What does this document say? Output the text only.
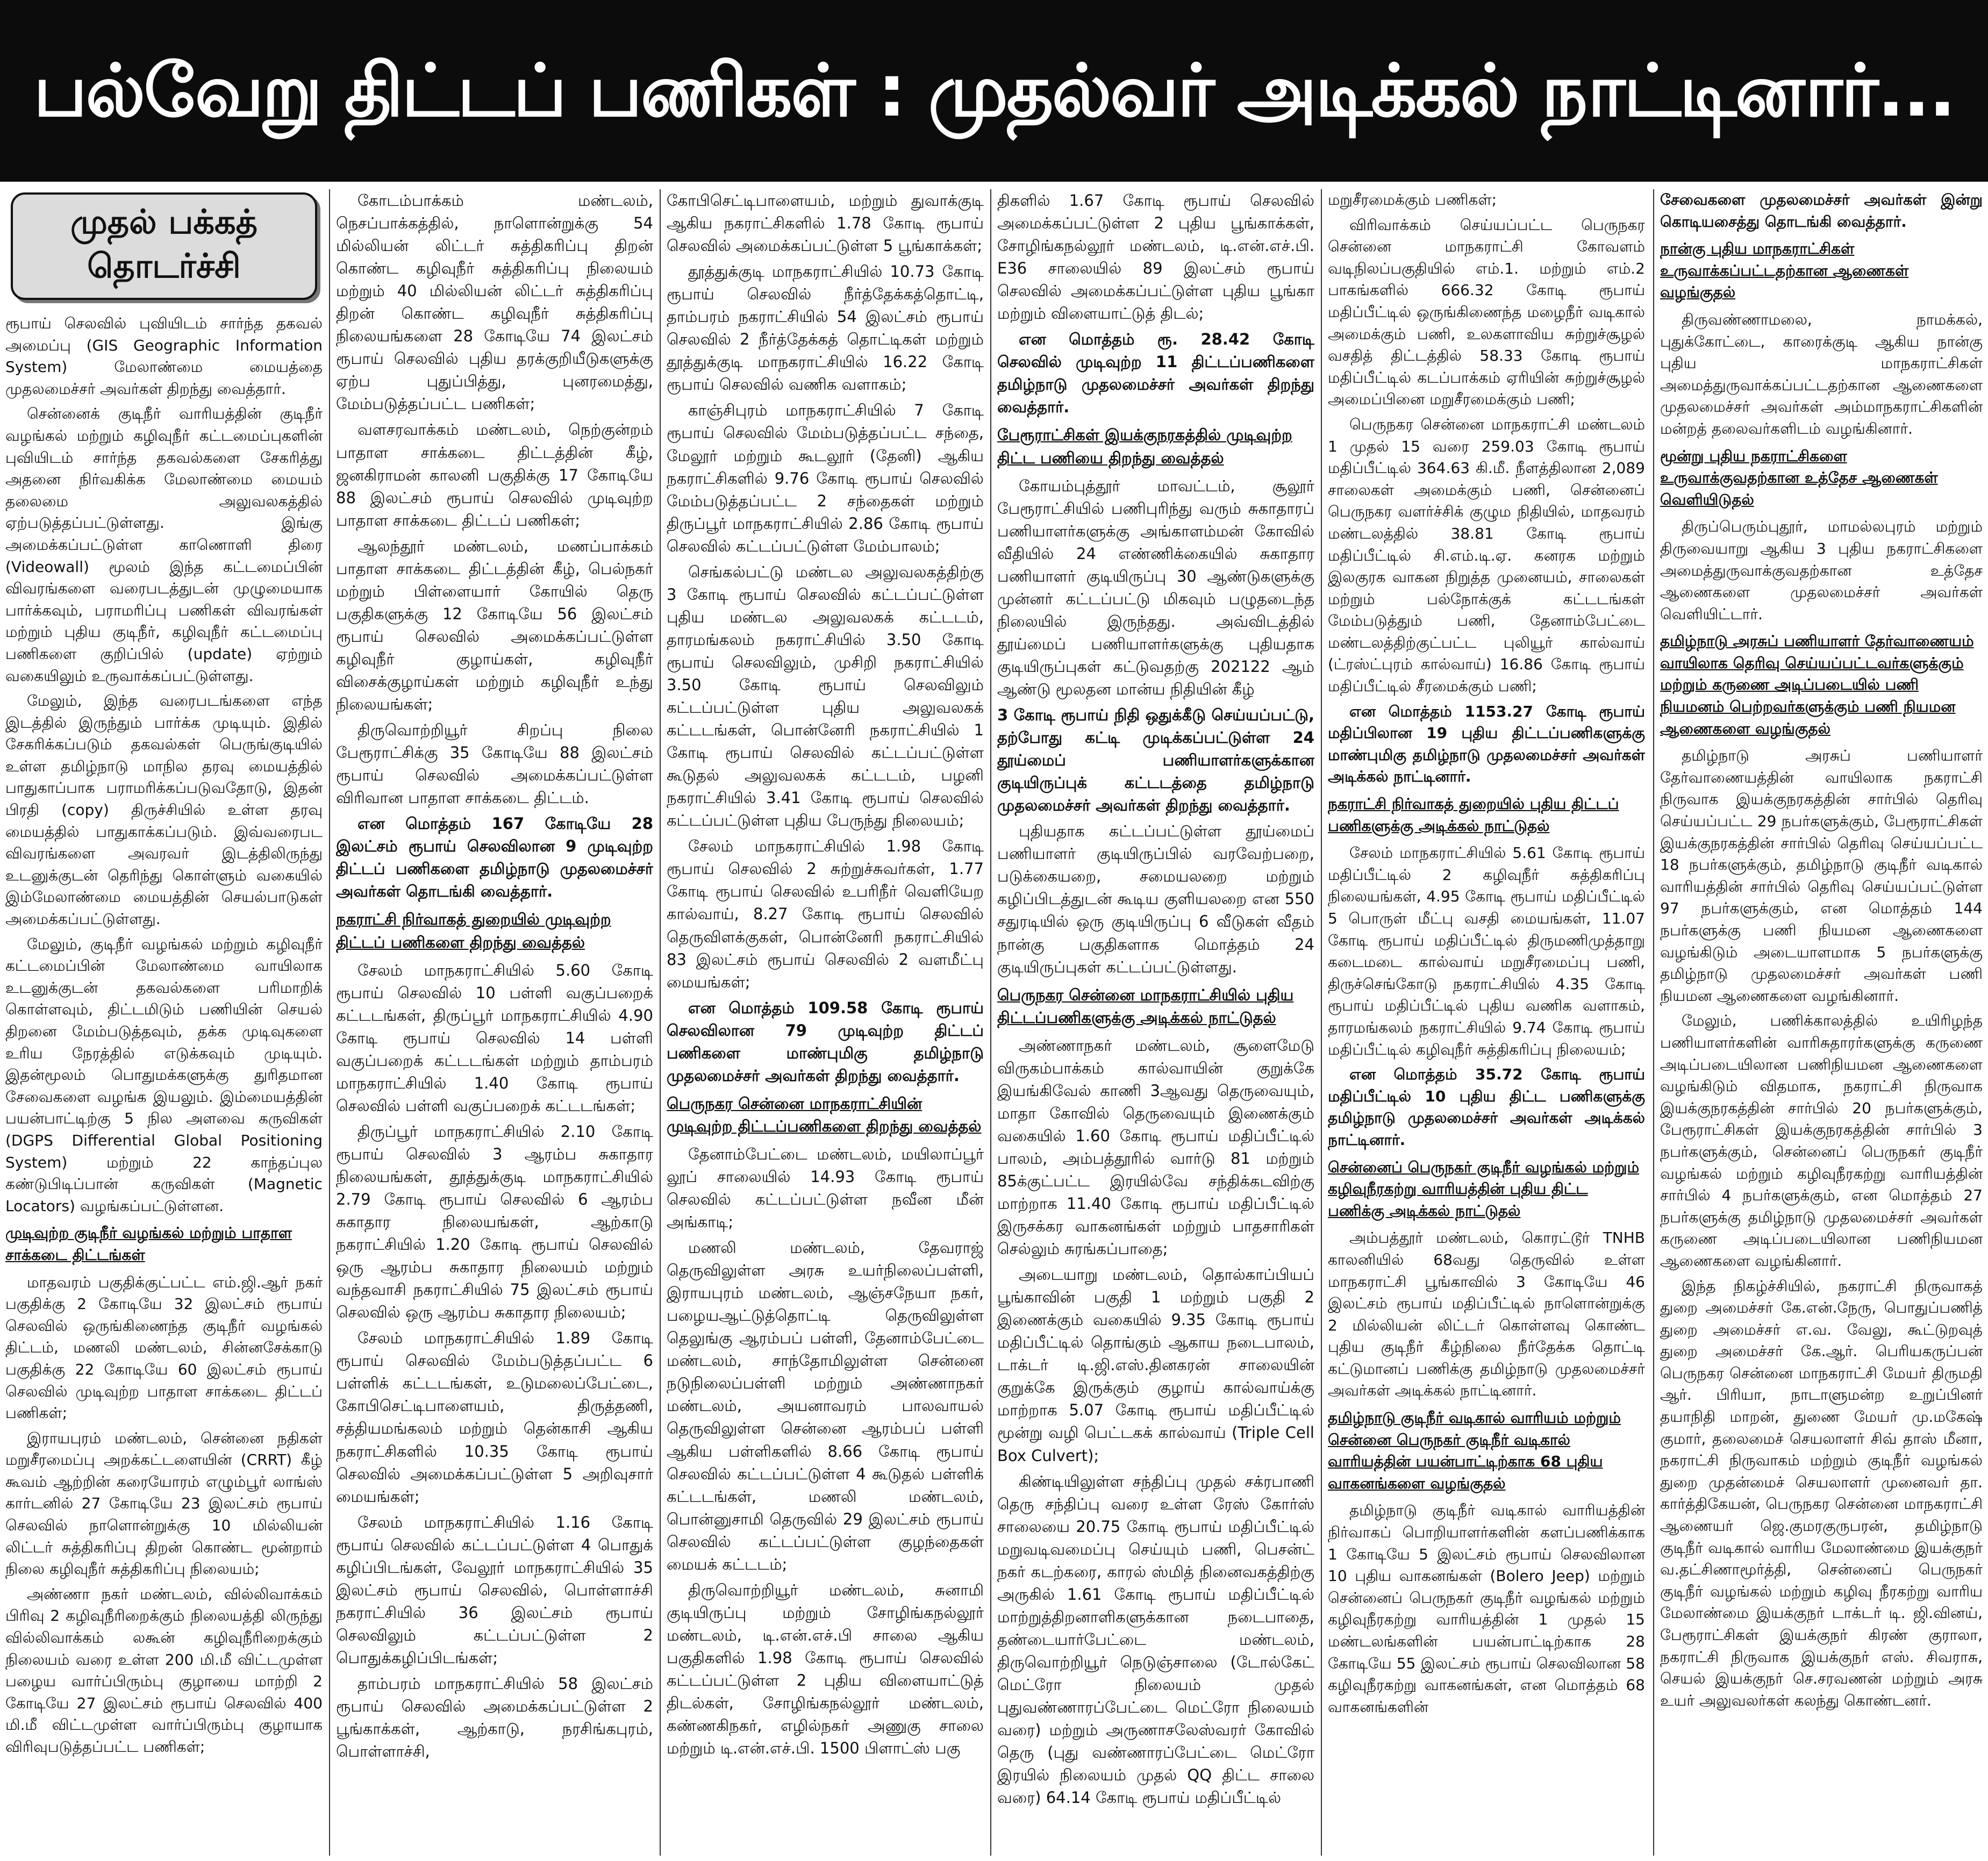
பல்வேறு திட்டப் பணிகள் : முதல்வர் அடிக்கல் நாட்டினார்...
முதல் பக்கத் தொடர்ச்சி

ரூபாய் செலவில் புவியிடம் சார்ந்த தகவல் அமைப்பு (GIS Geographic Information System) மேலாண்மை மையத்தை முதலமைச்சர் அவர்கள் திறந்து வைத்தார்.

சென்னைக் குடிநீர் வாரியத்தின் குடிநீர் வழங்கல் மற்றும் கழிவுநீர் கட்டமைப்புகளின் புவியிடம் சார்ந்த தகவல்களை சேகரித்து அதனை நிர்வகிக்க மேலாண்மை மையம் தலைமை அலுவலகத்தில் ஏற்படுத்தப்பட்டுள்ளது. இங்கு அமைக்கப்பட்டுள்ள காணொளி திரை (Videowall) மூலம் இந்த கட்டமைப்பின் விவரங்களை வரைபடத்துடன் முழுமையாக பார்க்கவும், பராமரிப்பு பணிகள் விவரங்கள் மற்றும் புதிய குடிநீர், கழிவுநீர் கட்டமைப்பு பணிகளை குறிப்பில் (update) ஏற்றும் வகையிலும் உருவாக்கப்பட்டுள்ளது.

மேலும், இந்த வரைபடங்களை எந்த இடத்தில் இருந்தும் பார்க்க முடியும். இதில் சேகரிக்கப்படும் தகவல்கள் பெருங்குடியில் உள்ள தமிழ்நாடு மாநில தரவு மையத்தில் பாதுகாப்பாக பராமரிக்கப்படுவதோடு, இதன் பிரதி (copy) திருச்சியில் உள்ள தரவு மையத்தில் பாதுகாக்கப்படும். இவ்வரைபட விவரங்களை அவரவர் இடத்திலிருந்து உடனுக்குடன் தெரிந்து கொள்ளும் வகையில் இம்மேலாண்மை மையத்தின் செயல்பாடுகள் அமைக்கப்பட்டுள்ளது.

மேலும், குடிநீர் வழங்கல் மற்றும் கழிவுநீர் கட்டமைப்பின் மேலாண்மை வாயிலாக உடனுக்குடன் தகவல்களை பரிமாறிக் கொள்ளவும், திட்டமிடும் பணியின் செயல் திறனை மேம்படுத்தவும், தக்க முடிவுகளை உரிய நேரத்தில் எடுக்கவும் முடியும். இதன்மூலம் பொதுமக்களுக்கு துரிதமான சேவைகளை வழங்க இயலும். இம்மையத்தின் பயன்பாட்டிற்கு 5 நில அளவை கருவிகள் (DGPS Differential Global Positioning System) மற்றும் 22 காந்தப்புல கண்டுபிடிப்பான் கருவிகள் (Magnetic Locators) வழங்கப்பட்டுள்ளன.

முடிவுற்ற குடிநீர் வழங்கல் மற்றும் பாதாள சாக்கடை திட்டங்கள்

மாதவரம் பகுதிக்குட்பட்ட எம்.ஜி.ஆர் நகர் பகுதிக்கு 2 கோடியே 32 இலட்சம் ரூபாய் செலவில் ஒருங்கிணைந்த குடிநீர் வழங்கல் திட்டம், மணலி மண்டலம், சின்னசேக்காடு பகுதிக்கு 22 கோடியே 60 இலட்சம் ரூபாய் செலவில் முடிவுற்ற பாதாள சாக்கடை திட்டப் பணிகள்;

இராயபுரம் மண்டலம், சென்னை நதிகள் மறுசீரமைப்பு அறக்கட்டளையின் (CRRT) கீழ் கூவம் ஆற்றின் கரையோரம் எழும்பூர் லாங்ஸ் கார்டனில் 27 கோடியே 23 இலட்சம் ரூபாய் செலவில் நாளொன்றுக்கு 10 மில்லியன் லிட்டர் சுத்திகரிப்பு திறன் கொண்ட மூன்றாம் நிலை கழிவுநீர் சுத்திகரிப்பு நிலையம்;

அண்ணா நகர் மண்டலம், வில்லிவாக்கம் பிரிவு 2 கழிவுநீரிறைக்கும் நிலையத்தி லிருந்து வில்லிவாக்கம் லகூன் கழிவுநீரிறைக்கும் நிலையம் வரை உள்ள 200 மி.மீ விட்டமுள்ள பழைய வார்ப்பிரும்பு குழாயை மாற்றி 2 கோடியே 27 இலட்சம் ரூபாய் செலவில் 400 மி.மீ விட்டமுள்ள வார்ப்பிரும்பு குழாயாக விரிவுபடுத்தப்பட்ட பணிகள்;

கோடம்பாக்கம் மண்டலம், நெசப்பாக்கத்தில், நாளொன்றுக்கு 54 மில்லியன் லிட்டர் சுத்திகரிப்பு திறன் கொண்ட கழிவுநீர் சுத்திகரிப்பு நிலையம் மற்றும் 40 மில்லியன் லிட்டர் சுத்திகரிப்பு திறன் கொண்ட கழிவுநீர் சுத்திகரிப்பு நிலையங்களை 28 கோடியே 74 இலட்சம் ரூபாய் செலவில் புதிய தரக்குறியீடுகளுக்கு ஏற்ப புதுப்பித்து, புனரமைத்து, மேம்படுத்தப்பட்ட பணிகள்;

வளசரவாக்கம் மண்டலம், நெற்குன்றம் பாதாள சாக்கடை திட்டத்தின் கீழ், ஜனகிராமன் காலனி பகுதிக்கு 17 கோடியே 88 இலட்சம் ரூபாய் செலவில் முடிவுற்ற பாதாள சாக்கடை திட்டப் பணிகள்;

ஆலந்தூர் மண்டலம், மணப்பாக்கம் பாதாள சாக்கடை திட்டத்தின் கீழ், பெல்நகர் மற்றும் பிள்ளையார் கோயில் தெரு பகுதிகளுக்கு 12 கோடியே 56 இலட்சம் ரூபாய் செலவில் அமைக்கப்பட்டுள்ள கழிவுநீர் குழாய்கள், கழிவுநீர் விசைக்குழாய்கள் மற்றும் கழிவுநீர் உந்து நிலையங்கள்;

திருவொற்றியூர் சிறப்பு நிலை பேரூராட்சிக்கு 35 கோடியே 88 இலட்சம் ரூபாய் செலவில் அமைக்கப்பட்டுள்ள விரிவான பாதாள சாக்கடை திட்டம்.

என மொத்தம் 167 கோடியே 28 இலட்சம் ரூபாய் செலவிலான 9 முடிவுற்ற திட்டப் பணிகளை தமிழ்நாடு முதலமைச்சர் அவர்கள் தொடங்கி வைத்தார்.

நகராட்சி நிர்வாகத் துறையில் முடிவுற்ற திட்டப் பணிகளை திறந்து வைத்தல்

சேலம் மாநகராட்சியில் 5.60 கோடி ரூபாய் செலவில் 10 பள்ளி வகுப்பறைக் கட்டடங்கள், திருப்பூர் மாநகராட்சியில் 4.90 கோடி ரூபாய் செலவில் 14 பள்ளி வகுப்பறைக் கட்டடங்கள் மற்றும் தாம்பரம் மாநகராட்சியில் 1.40 கோடி ரூபாய் செலவில் பள்ளி வகுப்பறைக் கட்டடங்கள்;

திருப்பூர் மாநகராட்சியில் 2.10 கோடி ரூபாய் செலவில் 3 ஆரம்ப சுகாதார நிலையங்கள், தூத்துக்குடி மாநகராட்சியில் 2.79 கோடி ரூபாய் செலவில் 6 ஆரம்ப சுகாதார நிலையங்கள், ஆற்காடு நகராட்சியில் 1.20 கோடி ரூபாய் செலவில் ஒரு ஆரம்ப சுகாதார நிலையம் மற்றும் வந்தவாசி நகராட்சியில் 75 இலட்சம் ரூபாய் செலவில் ஒரு ஆரம்ப சுகாதார நிலையம்;

சேலம் மாநகராட்சியில் 1.89 கோடி ரூபாய் செலவில் மேம்படுத்தப்பட்ட 6 பள்ளிக் கட்டடங்கள், உடுமலைப்பேட்டை, கோபிசெட்டிபாளையம், திருத்தணி, சத்தியமங்கலம் மற்றும் தென்காசி ஆகிய நகராட்சிகளில் 10.35 கோடி ரூபாய் செலவில் அமைக்கப்பட்டுள்ள 5 அறிவுசார் மையங்கள்;

சேலம் மாநகராட்சியில் 1.16 கோடி ரூபாய் செலவில் கட்டப்பட்டுள்ள 4 பொதுக் கழிப்பிடங்கள், வேலூர் மாநகராட்சியில் 35 இலட்சம் ரூபாய் செலவில், பொள்ளாச்சி நகராட்சியில் 36 இலட்சம் ரூபாய் செலவிலும் கட்டப்பட்டுள்ள 2 பொதுக்கழிப்பிடங்கள்;

தாம்பரம் மாநகராட்சியில் 58 இலட்சம் ரூபாய் செலவில் அமைக்கப்பட்டுள்ள 2 பூங்காக்கள், ஆற்காடு, நரசிங்கபுரம், பொள்ளாச்சி,

கோபிசெட்டிபாளையம், மற்றும் துவாக்குடி ஆகிய நகராட்சிகளில் 1.78 கோடி ரூபாய் செலவில் அமைக்கப்பட்டுள்ள 5 பூங்காக்கள்;

தூத்துக்குடி மாநகராட்சியில் 10.73 கோடி ரூபாய் செலவில் நீர்த்தேக்கத்தொட்டி, தாம்பரம் நகராட்சியில் 54 இலட்சம் ரூபாய் செலவில் 2 நீர்த்தேக்கத் தொட்டிகள் மற்றும் தூத்துக்குடி மாநகராட்சியில் 16.22 கோடி ரூபாய் செலவில் வணிக வளாகம்;

காஞ்சிபுரம் மாநகராட்சியில் 7 கோடி ரூபாய் செலவில் மேம்படுத்தப்பட்ட சந்தை, மேலூர் மற்றும் கூடலூர் (தேனி) ஆகிய நகராட்சிகளில் 9.76 கோடி ரூபாய் செலவில் மேம்படுத்தப்பட்ட 2 சந்தைகள் மற்றும் திருப்பூர் மாநகராட்சியில் 2.86 கோடி ரூபாய் செலவில் கட்டப்பட்டுள்ள மேம்பாலம்;

செங்கல்பட்டு மண்டல அலுவலகத்திற்கு 3 கோடி ரூபாய் செலவில் கட்டப்பட்டுள்ள புதிய மண்டல அலுவலகக் கட்டடம், தாரமங்கலம் நகராட்சியில் 3.50 கோடி ரூபாய் செலவிலும், முசிறி நகராட்சியில் 3.50 கோடி ரூபாய் செலவிலும் கட்டப்பட்டுள்ள புதிய அலுவலகக் கட்டடங்கள், பொன்னேரி நகராட்சியில் 1 கோடி ரூபாய் செலவில் கட்டப்பட்டுள்ள கூடுதல் அலுவலகக் கட்டடம், பழனி நகராட்சியில் 3.41 கோடி ரூபாய் செலவில் கட்டப்பட்டுள்ள புதிய பேருந்து நிலையம்;

சேலம் மாநகராட்சியில் 1.98 கோடி ரூபாய் செலவில் 2 சுற்றுச்சுவர்கள், 1.77 கோடி ரூபாய் செலவில் உபரிநீர் வெளியேற கால்வாய், 8.27 கோடி ரூபாய் செலவில் தெருவிளக்குகள், பொன்னேரி நகராட்சியில் 83 இலட்சம் ரூபாய் செலவில் 2 வளமீட்பு மையங்கள்;

என மொத்தம் 109.58 கோடி ரூபாய் செலவிலான 79 முடிவுற்ற திட்டப் பணிகளை மாண்புமிகு தமிழ்நாடு முதலமைச்சர் அவர்கள் திறந்து வைத்தார்.

பெருநகர சென்னை மாநகராட்சியின் முடிவுற்ற திட்டப்பணிகளை திறந்து வைத்தல்

தேனாம்பேட்டை மண்டலம், மயிலாப்பூர் லூப் சாலையில் 14.93 கோடி ரூபாய் செலவில் கட்டப்பட்டுள்ள நவீன மீன் அங்காடி;

மணலி மண்டலம், தேவராஜ் தெருவிலுள்ள அரசு உயர்நிலைப்பள்ளி, இராயபுரம் மண்டலம், ஆஞ்சநேயா நகர், பழையஆட்டுத்தொட்டி தெருவிலுள்ள தெலுங்கு ஆரம்பப் பள்ளி, தேனாம்பேட்டை மண்டலம், சாந்தோமிலுள்ள சென்னை நடுநிலைப்பள்ளி மற்றும் அண்ணாநகர் மண்டலம், அயனாவரம் பாலவாயல் தெருவிலுள்ள சென்னை ஆரம்பப் பள்ளி ஆகிய பள்ளிகளில் 8.66 கோடி ரூபாய் செலவில் கட்டப்பட்டுள்ள 4 கூடுதல் பள்ளிக் கட்டடங்கள், மணலி மண்டலம், பொன்னுசாமி தெருவில் 29 இலட்சம் ரூபாய் செலவில் கட்டப்பட்டுள்ள குழந்தைகள் மையக் கட்டடம்;

திருவொற்றியூர் மண்டலம், சுனாமி குடியிருப்பு மற்றும் சோழிங்கநல்லூர் மண்டலம், டி.என்.எச்.பி சாலை ஆகிய பகுதிகளில் 1.98 கோடி ரூபாய் செலவில் கட்டப்பட்டுள்ள 2 புதிய விளையாட்டுத் திடல்கள், சோழிங்கநல்லூர் மண்டலம், கண்ணகிநகர், எழில்நகர் அணுகு சாலை மற்றும் டி.என்.எச்.பி. 1500 பிளாட்ஸ் பகு

திகளில் 1.67 கோடி ரூபாய் செலவில் அமைக்கப்பட்டுள்ள 2 புதிய பூங்காக்கள், சோழிங்கநல்லூர் மண்டலம், டி.என்.எச்.பி. E36 சாலையில் 89 இலட்சம் ரூபாய் செலவில் அமைக்கப்பட்டுள்ள புதிய பூங்கா மற்றும் விளையாட்டுத் திடல்;

என மொத்தம் ரூ. 28.42 கோடி செலவில் முடிவுற்ற 11 திட்டப்பணிகளை தமிழ்நாடு முதலமைச்சர் அவர்கள் திறந்து வைத்தார்.

பேரூராட்சிகள் இயக்குநரகத்தில் முடிவுற்ற திட்ட பணியை திறந்து வைத்தல்

கோயம்புத்தூர் மாவட்டம், சூலூர் பேரூராட்சியில் பணிபுரிந்து வரும் சுகாதாரப் பணியாளர்களுக்கு அங்காளம்மன் கோவில் வீதியில் 24 எண்ணிக்கையில் சுகாதார பணியாளர் குடியிருப்பு 30 ஆண்டுகளுக்கு முன்னர் கட்டப்பட்டு மிகவும் பழுதடைந்த நிலையில் இருந்தது. அவ்விடத்தில் தூய்மைப் பணியாளர்களுக்கு புதியதாக குடியிருப்புகள் கட்டுவதற்கு 202122 ஆம் ஆண்டு மூலதன மான்ய நிதியின் கீழ்

3 கோடி ரூபாய் நிதி ஒதுக்கீடு செய்யப்பட்டு, தற்போது கட்டி முடிக்கப்பட்டுள்ள 24 தூய்மைப் பணியாளர்களுக்கான குடியிருப்புக் கட்டடத்தை தமிழ்நாடு முதலமைச்சர் அவர்கள் திறந்து வைத்தார்.

புதியதாக கட்டப்பட்டுள்ள தூய்மைப் பணியாளர் குடியிருப்பில் வரவேற்பறை, படுக்கையறை, சமையலறை மற்றும் கழிப்பிடத்துடன் கூடிய குளியலறை என 550 சதுரடியில் ஒரு குடியிருப்பு 6 வீடுகள் வீதம் நான்கு பகுதிகளாக மொத்தம் 24 குடியிருப்புகள் கட்டப்பட்டுள்ளது.

பெருநகர சென்னை மாநகராட்சியில் புதிய திட்டப்பணிகளுக்கு அடிக்கல் நாட்டுதல்

அண்ணாநகர் மண்டலம், சூளைமேடு விருகம்பாக்கம் கால்வாயின் குறுக்கே இயங்கிவேல் காணி 3ஆவது தெருவையும், மாதா கோவில் தெருவையும் இணைக்கும் வகையில் 1.60 கோடி ரூபாய் மதிப்பீட்டில் பாலம், அம்பத்தூரில் வார்டு 81 மற்றும் 85க்குட்பட்ட இரயில்வே சந்திக்கடவிற்கு மாற்றாக 11.40 கோடி ரூபாய் மதிப்பீட்டில் இருசக்கர வாகனங்கள் மற்றும் பாதசாரிகள் செல்லும் சுரங்கப்பாதை;

அடையாறு மண்டலம், தொல்காப்பியப் பூங்காவின் பகுதி 1 மற்றும் பகுதி 2 இணைக்கும் வகையில் 9.35 கோடி ரூபாய் மதிப்பீட்டில் தொங்கும் ஆகாய நடைபாலம், டாக்டர் டி.ஜி.எஸ்.தினகரன் சாலையின் குறுக்கே இருக்கும் குழாய் கால்வாய்க்கு மாற்றாக 5.07 கோடி ரூபாய் மதிப்பீட்டில் மூன்று வழி பெட்டகக் கால்வாய் (Triple Cell Box Culvert);

கிண்டியிலுள்ள சந்திப்பு முதல் சக்ரபாணி தெரு சந்திப்பு வரை உள்ள ரேஸ் கோர்ஸ் சாலையை 20.75 கோடி ரூபாய் மதிப்பீட்டில் மறுவடிவமைப்பு செய்யும் பணி, பெசன்ட் நகர் கடற்கரை, காரல் ஸ்மித் நினைவகத்திற்கு அருகில் 1.61 கோடி ரூபாய் மதிப்பீட்டில் மாற்றுத்திறனாளிகளுக்கான நடைபாதை, தண்டையார்பேட்டை மண்டலம், திருவொற்றியூர் நெடுஞ்சாலை (டோல்கேட் மெட்ரோ நிலையம் முதல் புதுவண்ணாரப்பேட்டை மெட்ரோ நிலையம் வரை) மற்றும் அருணாசலேஸ்வரர் கோவில் தெரு (புது வண்ணாரப்பேட்டை மெட்ரோ இரயில் நிலையம் முதல் QQ திட்ட சாலை வரை) 64.14 கோடி ரூபாய் மதிப்பீட்டில்

மறுசீரமைக்கும் பணிகள்;

விரிவாக்கம் செய்யப்பட்ட பெருநகர சென்னை மாநகராட்சி கோவளம் வடிநிலப்பகுதியில் எம்.1. மற்றும் எம்.2 பாகங்களில் 666.32 கோடி ரூபாய் மதிப்பீட்டில் ஒருங்கிணைந்த மழைநீர் வடிகால் அமைக்கும் பணி, உலகளாவிய சுற்றுச்சூழல் வசதித் திட்டத்தில் 58.33 கோடி ரூபாய் மதிப்பீட்டில் கடப்பாக்கம் ஏரியின் சுற்றுச்சூழல் அமைப்பினை மறுசீரமைக்கும் பணி;

பெருநகர சென்னை மாநகராட்சி மண்டலம் 1 முதல் 15 வரை 259.03 கோடி ரூபாய் மதிப்பீட்டில் 364.63 கி.மீ. நீளத்திலான 2,089 சாலைகள் அமைக்கும் பணி, சென்னைப் பெருநகர வளர்ச்சிக் குழும நிதியில், மாதவரம் மண்டலத்தில் 38.81 கோடி ரூபாய் மதிப்பீட்டில் சி.எம்.டி.ஏ. கனரக மற்றும் இலகுரக வாகன நிறுத்த முனையம், சாலைகள் மற்றும் பல்நோக்குக் கட்டடங்கள் மேம்படுத்தும் பணி, தேனாம்பேட்டை மண்டலத்திற்குட்பட்ட புலியூர் கால்வாய் (ட்ரஸ்ட்புரம் கால்வாய்) 16.86 கோடி ரூபாய் மதிப்பீட்டில் சீரமைக்கும் பணி;

என மொத்தம் 1153.27 கோடி ரூபாய் மதிப்பிலான 19 புதிய திட்டப்பணிகளுக்கு மாண்புமிகு தமிழ்நாடு முதலமைச்சர் அவர்கள் அடிக்கல் நாட்டினார்.

நகராட்சி நிர்வாகத் துறையில் புதிய திட்டப் பணிகளுக்கு அடிக்கல் நாட்டுதல்

சேலம் மாநகராட்சியில் 5.61 கோடி ரூபாய் மதிப்பீட்டில் 2 கழிவுநீர் சுத்திகரிப்பு நிலையங்கள், 4.95 கோடி ரூபாய் மதிப்பீட்டில் 5 பொருள் மீட்பு வசதி மையங்கள், 11.07 கோடி ரூபாய் மதிப்பீட்டில் திருமணிமுத்தாறு கடைமடை கால்வாய் மறுசீரமைப்பு பணி, திருச்செங்கோடு நகராட்சியில் 4.35 கோடி ரூபாய் மதிப்பீட்டில் புதிய வணிக வளாகம், தாரமங்கலம் நகராட்சியில் 9.74 கோடி ரூபாய் மதிப்பீட்டில் கழிவுநீர் சுத்திகரிப்பு நிலையம்;

என மொத்தம் 35.72 கோடி ரூபாய் மதிப்பீட்டில் 10 புதிய திட்ட பணிகளுக்கு தமிழ்நாடு முதலமைச்சர் அவர்கள் அடிக்கல் நாட்டினார்.

சென்னைப் பெருநகர் குடிநீர் வழங்கல் மற்றும் கழிவுநீரகற்று வாரியத்தின் புதிய திட்ட பணிக்கு அடிக்கல் நாட்டுதல்

அம்பத்தூர் மண்டலம், கொரட்டூர் TNHB காலனியில் 68வது தெருவில் உள்ள மாநகராட்சி பூங்காவில் 3 கோடியே 46 இலட்சம் ரூபாய் மதிப்பீட்டில் நாளொன்றுக்கு 2 மில்லியன் லிட்டர் கொள்ளவு கொண்ட புதிய குடிநீர் கீழ்நிலை நீர்தேக்க தொட்டி கட்டுமானப் பணிக்கு தமிழ்நாடு முதலமைச்சர் அவர்கள் அடிக்கல் நாட்டினார்.

தமிழ்நாடு குடிநீர் வடிகால் வாரியம் மற்றும் சென்னை பெருநகர் குடிநீர் வடிகால் வாரியத்தின் பயன்பாட்டிற்காக 68 புதிய வாகனங்களை வழங்குதல்

தமிழ்நாடு குடிநீர் வடிகால் வாரியத்தின் நிர்வாகப் பொறியாளர்களின் களப்பணிக்காக 1 கோடியே 5 இலட்சம் ரூபாய் செலவிலான 10 புதிய வாகனங்கள் (Bolero Jeep) மற்றும் சென்னைப் பெருநகர் குடிநீர் வழங்கல் மற்றும் கழிவுநீரகற்று வாரியத்தின் 1 முதல் 15 மண்டலங்களின் பயன்பாட்டிற்காக 28 கோடியே 55 இலட்சம் ரூபாய் செலவிலான 58 கழிவுநீரகற்று வாகனங்கள், என மொத்தம் 68 வாகனங்களின்

சேவைகளை முதலமைச்சர் அவர்கள் இன்று கொடியசைத்து தொடங்கி வைத்தார்.

நான்கு புதிய மாநகராட்சிகள் உருவாக்கப்பட்டதற்கான ஆணைகள் வழங்குதல்

திருவண்ணாமலை, நாமக்கல், புதுக்கோட்டை, காரைக்குடி ஆகிய நான்கு புதிய மாநகராட்சிகள் அமைத்துருவாக்கப்பட்டதற்கான ஆணைகளை முதலமைச்சர் அவர்கள் அம்மாநகராட்சிகளின் மன்றத் தலைவர்களிடம் வழங்கினார்.

மூன்று புதிய நகராட்சிகளை உருவாக்குவதற்கான உத்தேச ஆணைகள் வெளியிடுதல்

திருப்பெரும்புதூர், மாமல்லபுரம் மற்றும் திருவையாறு ஆகிய 3 புதிய நகராட்சிகளை அமைத்துருவாக்குவதற்கான உத்தேச ஆணைகளை முதலமைச்சர் அவர்கள் வெளியிட்டார்.

தமிழ்நாடு அரசுப் பணியாளர் தேர்வாணையம் வாயிலாக தெரிவு செய்யப்பட்டவர்களுக்கும் மற்றும் கருணை அடிப்படையில் பணி நியமனம் பெற்றவர்களுக்கும் பணி நியமன ஆணைகளை வழங்குதல்

தமிழ்நாடு அரசுப் பணியாளர் தேர்வாணையத்தின் வாயிலாக நகராட்சி நிருவாக இயக்குநரகத்தின் சார்பில் தெரிவு செய்யப்பட்ட 29 நபர்களுக்கும், பேரூராட்சிகள் இயக்குநரகத்தின் சார்பில் தெரிவு செய்யப்பட்ட 18 நபர்களுக்கும், தமிழ்நாடு குடிநீர் வடிகால் வாரியத்தின் சார்பில் தெரிவு செய்யப்பட்டுள்ள 97 நபர்களுக்கும், என மொத்தம் 144 நபர்களுக்கு பணி நியமன ஆணைகளை வழங்கிடும் அடையாளமாக 5 நபர்களுக்கு தமிழ்நாடு முதலமைச்சர் அவர்கள் பணி நியமன ஆணைகளை வழங்கினார்.

மேலும், பணிக்காலத்தில் உயிரிழந்த பணியாளர்களின் வாரிசுதாரர்களுக்கு கருணை அடிப்படையிலான பணிநியமன ஆணைகளை வழங்கிடும் விதமாக, நகராட்சி நிருவாக இயக்குநரகத்தின் சார்பில் 20 நபர்களுக்கும், பேரூராட்சிகள் இயக்குநரகத்தின் சார்பில் 3 நபர்களுக்கும், சென்னைப் பெருநகர் குடிநீர் வழங்கல் மற்றும் கழிவுநீரகற்று வாரியத்தின் சார்பில் 4 நபர்களுக்கும், என மொத்தம் 27 நபர்களுக்கு தமிழ்நாடு முதலமைச்சர் அவர்கள் கருணை அடிப்படையிலான பணிநியமன ஆணைகளை வழங்கினார்.

இந்த நிகழ்ச்சியில், நகராட்சி நிருவாகத் துறை அமைச்சர் கே.என்.நேரு, பொதுப்பணித் துறை அமைச்சர் எ.வ. வேலு, கூட்டுறவுத் துறை அமைச்சர் கே.ஆர். பெரியகருப்பன் பெருநகர சென்னை மாநகராட்சி மேயர் திருமதி ஆர். பிரியா, நாடாளுமன்ற உறுப்பினர் தயாநிதி மாறன், துணை மேயர் மு.மகேஷ் குமார், தலைமைச் செயலாளர் சிவ் தாஸ் மீனா, நகராட்சி நிருவாகம் மற்றும் குடிநீர் வழங்கல் துறை முதன்மைச் செயலாளர் முனைவர் தா. கார்த்திகேயன், பெருநகர சென்னை மாநகராட்சி ஆணையர் ஜெ.குமரகுருபரன், தமிழ்நாடு குடிநீர் வடிகால் வாரிய மேலாண்மை இயக்குநர் வ.தட்சிணாமூர்த்தி, சென்னைப் பெருநகர் குடிநீர் வழங்கல் மற்றும் கழிவு நீரகற்று வாரிய மேலாண்மை இயக்குநர் டாக்டர் டி. ஜி.வினய், பேரூராட்சிகள் இயக்குநர் கிரண் குராலா, நகராட்சி நிருவாக இயக்குநர் எஸ். சிவராசு, செயல் இயக்குநர் செ.சரவணன் மற்றும் அரசு உயர் அலுவலர்கள் கலந்து கொண்டனர்.
